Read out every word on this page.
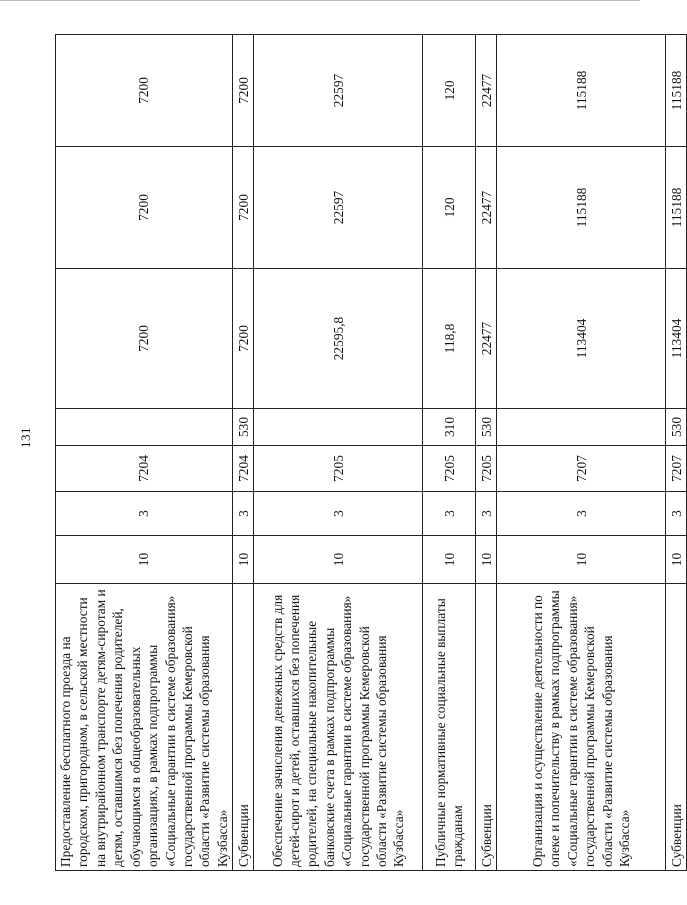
131
Предоставление бесплатного проезда на городском, пригородном, в сельской местности на внутрирайонном транспорте детям-сиротам и детям, оставшимся без попечения родителей, обучающимся в общеобразовательных организациях, в рамках подпрограммы «Социальные гарантии в системе образования» государственной программы Кемеровской области «Развитие системы образования Кузбасса»	10	3	7204		7200	7200	7200
Субвенции	10	3	7204	530	7200	7200	7200
Обеспечение зачисления денежных средств для детей-сирот и детей, оставшихся без попечения родителей, на специальные накопительные банковские счета в рамках подпрограммы «Социальные гарантии в системе образования» государственной программы Кемеровской области «Развитие системы образования Кузбасса»	10	3	7205		22595,8	22597	22597
Публичные нормативные социальные выплаты гражданам	10	3	7205	310	118,8	120	120
Субвенции	10	3	7205	530	22477	22477	22477
Организация и осуществление деятельности по опеке и попечительству в рамках подпрограммы «Социальные гарантии в системе образования» государственной программы Кемеровской области «Развитие системы образования Кузбасса»	10	3	7207		113404	115188	115188
Субвенции	10	3	7207	530	113404	115188	115188
